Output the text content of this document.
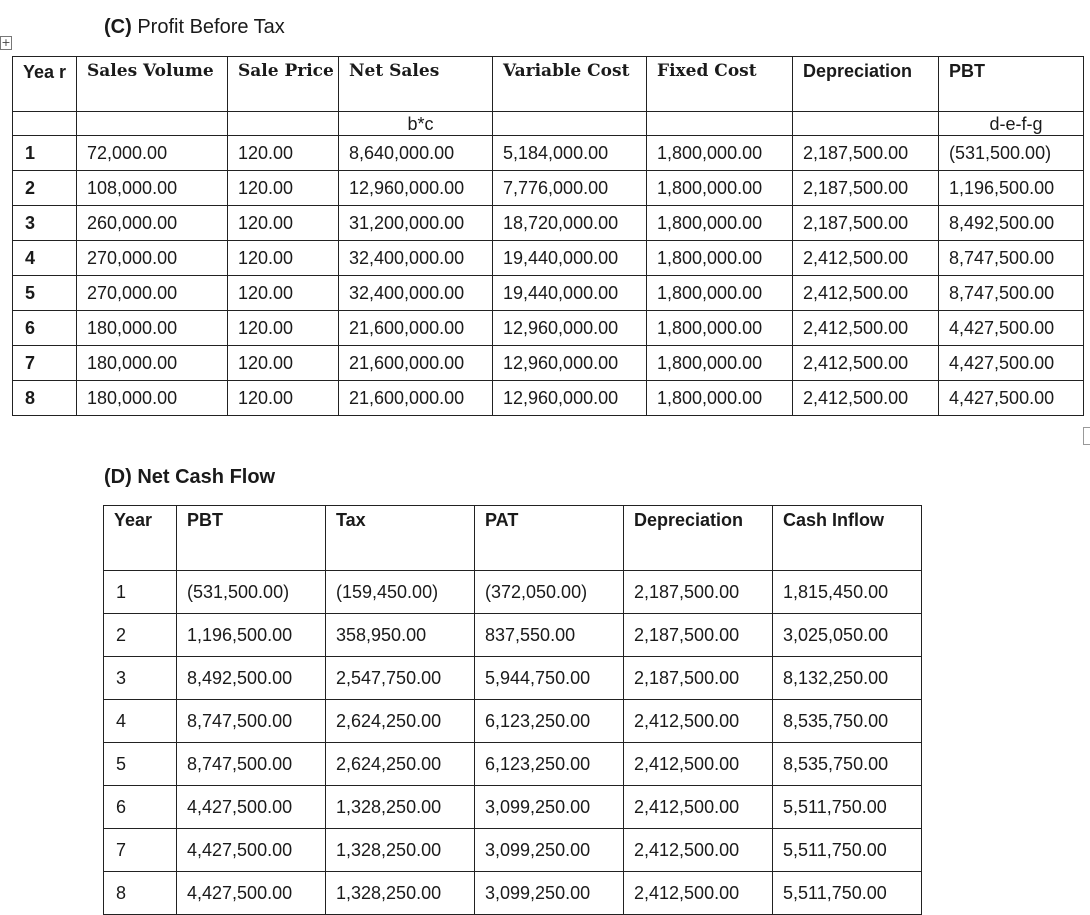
+
(C) Profit Before Tax
Yea r	Sales Volume	Sale Price	Net Sales	Variable Cost	Fixed Cost	Depreciation	PBT
			b*c				d-e-f-g
1	72,000.00	120.00	8,640,000.00	5,184,000.00	1,800,000.00	2,187,500.00	(531,500.00)
2	108,000.00	120.00	12,960,000.00	7,776,000.00	1,800,000.00	2,187,500.00	1,196,500.00
3	260,000.00	120.00	31,200,000.00	18,720,000.00	1,800,000.00	2,187,500.00	8,492,500.00
4	270,000.00	120.00	32,400,000.00	19,440,000.00	1,800,000.00	2,412,500.00	8,747,500.00
5	270,000.00	120.00	32,400,000.00	19,440,000.00	1,800,000.00	2,412,500.00	8,747,500.00
6	180,000.00	120.00	21,600,000.00	12,960,000.00	1,800,000.00	2,412,500.00	4,427,500.00
7	180,000.00	120.00	21,600,000.00	12,960,000.00	1,800,000.00	2,412,500.00	4,427,500.00
8	180,000.00	120.00	21,600,000.00	12,960,000.00	1,800,000.00	2,412,500.00	4,427,500.00
(D) Net Cash Flow
Year	PBT	Tax	PAT	Depreciation	Cash Inflow
1	(531,500.00)	(159,450.00)	(372,050.00)	2,187,500.00	1,815,450.00
2	1,196,500.00	358,950.00	837,550.00	2,187,500.00	3,025,050.00
3	8,492,500.00	2,547,750.00	5,944,750.00	2,187,500.00	8,132,250.00
4	8,747,500.00	2,624,250.00	6,123,250.00	2,412,500.00	8,535,750.00
5	8,747,500.00	2,624,250.00	6,123,250.00	2,412,500.00	8,535,750.00
6	4,427,500.00	1,328,250.00	3,099,250.00	2,412,500.00	5,511,750.00
7	4,427,500.00	1,328,250.00	3,099,250.00	2,412,500.00	5,511,750.00
8	4,427,500.00	1,328,250.00	3,099,250.00	2,412,500.00	5,511,750.00
